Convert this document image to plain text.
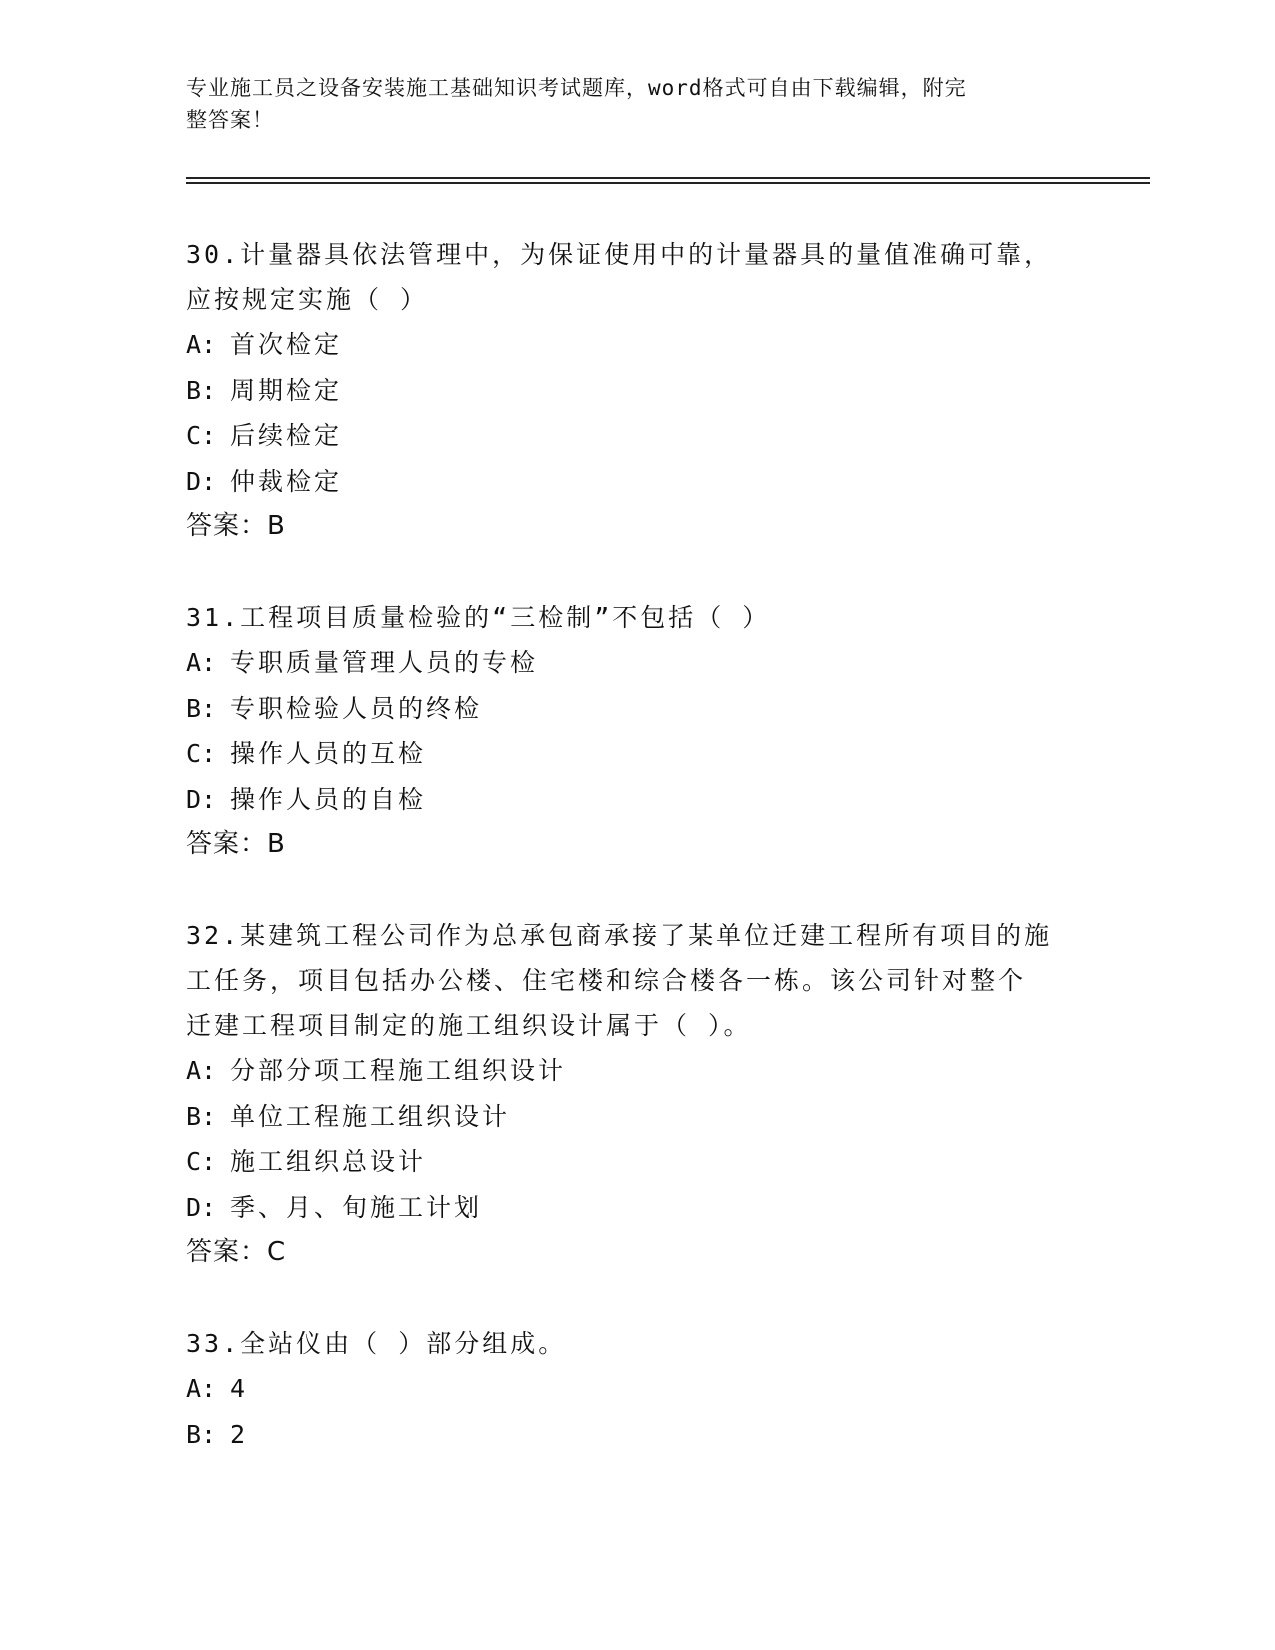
专业施工员之设备安装施工基础知识考试题库，word格式可自由下载编辑，附完
整答案！
30.计量器具依法管理中，为保证使用中的计量器具的量值准确可靠，
应按规定实施（ ）
A: 首次检定
B: 周期检定
C: 后续检定
D: 仲裁检定
答案：B
31.工程项目质量检验的“三检制”不包括（ ）
A: 专职质量管理人员的专检
B: 专职检验人员的终检
C: 操作人员的互检
D: 操作人员的自检
答案：B
32.某建筑工程公司作为总承包商承接了某单位迁建工程所有项目的施
工任务，项目包括办公楼、住宅楼和综合楼各一栋。该公司针对整个
迁建工程项目制定的施工组织设计属于（ ）。
A: 分部分项工程施工组织设计
B: 单位工程施工组织设计
C: 施工组织总设计
D: 季、月、旬施工计划
答案：C
33.全站仪由（ ）部分组成。
A: 4
B: 2
